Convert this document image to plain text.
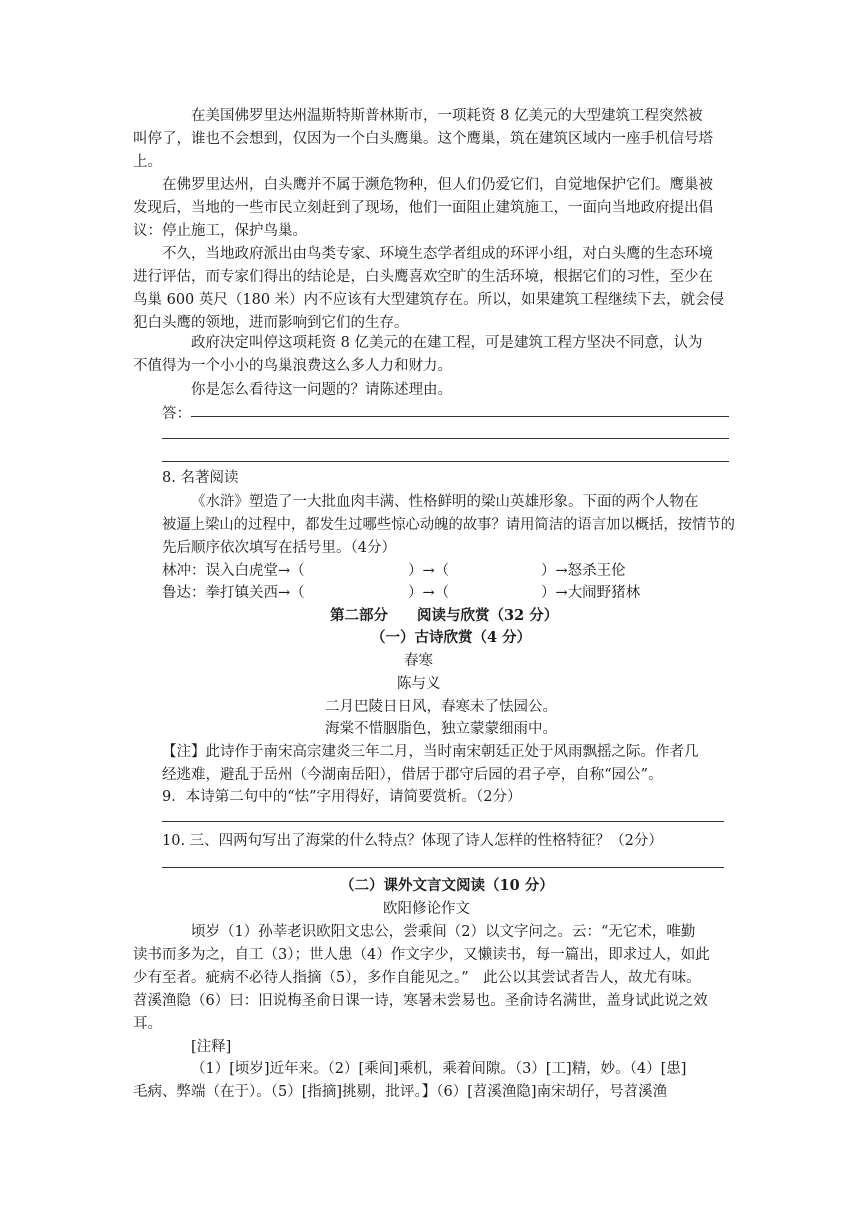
在美国佛罗里达州温斯特斯普林斯市，一项耗资 8 亿美元的大型建筑工程突然被
叫停了，谁也不会想到，仅因为一个白头鹰巢。这个鹰巢，筑在建筑区域内一座手机信号塔
上。
在佛罗里达州，白头鹰并不属于濒危物种，但人们仍爱它们，自觉地保护它们。鹰巢被
发现后，当地的一些市民立刻赶到了现场，他们一面阻止建筑施工，一面向当地政府提出倡
议：停止施工，保护鸟巢。
不久，当地政府派出由鸟类专家、环境生态学者组成的环评小组，对白头鹰的生态环境
进行评估，而专家们得出的结论是，白头鹰喜欢空旷的生活环境，根据它们的习性，至少在
鸟巢 600 英尺（180 米）内不应该有大型建筑存在。所以，如果建筑工程继续下去，就会侵
犯白头鹰的领地，进而影响到它们的生存。
政府决定叫停这项耗资 8 亿美元的在建工程，可是建筑工程方坚决不同意，认为
不值得为一个小小的鸟巢浪费这么多人力和财力。
你是怎么看待这一问题的？请陈述理由。
答：
8. 名著阅读
《水浒》塑造了一大批血肉丰满、性格鲜明的梁山英雄形象。下面的两个人物在
被逼上梁山的过程中，都发生过哪些惊心动魄的故事？请用简洁的语言加以概括，按情节的
先后顺序依次填写在括号里。（4分）
林冲：误入白虎堂→（	）→（	）→怒杀王伦
鲁达：拳打镇关西→（	）→（	）→大闹野猪林
第二部分　　阅读与欣赏（32 分）
（一）古诗欣赏（4 分）
春寒
陈与义
二月巴陵日日风，春寒未了怯园公。
海棠不惜胭脂色，独立蒙蒙细雨中。
【注】此诗作于南宋高宗建炎三年二月，当时南宋朝廷正处于风雨飘摇之际。作者几
经逃难，避乱于岳州（今湖南岳阳），借居于郡守后园的君子亭，自称“园公”。
9．本诗第二句中的“怯”字用得好，请简要赏析。（2分）
10. 三、四两句写出了海棠的什么特点？体现了诗人怎样的性格特征？（2分）
（二）课外文言文阅读（10 分）
欧阳修论作文
顷岁（1）孙莘老识欧阳文忠公，尝乘间（2）以文字问之。云：“无它术，唯勤
读书而多为之，自工（3）；世人患（4）作文字少，又懒读书，每一篇出，即求过人，如此
少有至者。疵病不必待人指摘（5），多作自能见之。”　此公以其尝试者告人，故尤有味。
苕溪渔隐（6）曰：旧说梅圣俞日课一诗，寒暑未尝易也。圣俞诗名满世，盖身试此说之效
耳。
[注释]
（1）[顷岁]近年来。（2）[乘间]乘机，乘着间隙。（3）[工]精，妙。（4）[患]
毛病、弊端（在于）。（5）[指摘]挑剔，批评。】（6）[苕溪渔隐]南宋胡仔，号苕溪渔
